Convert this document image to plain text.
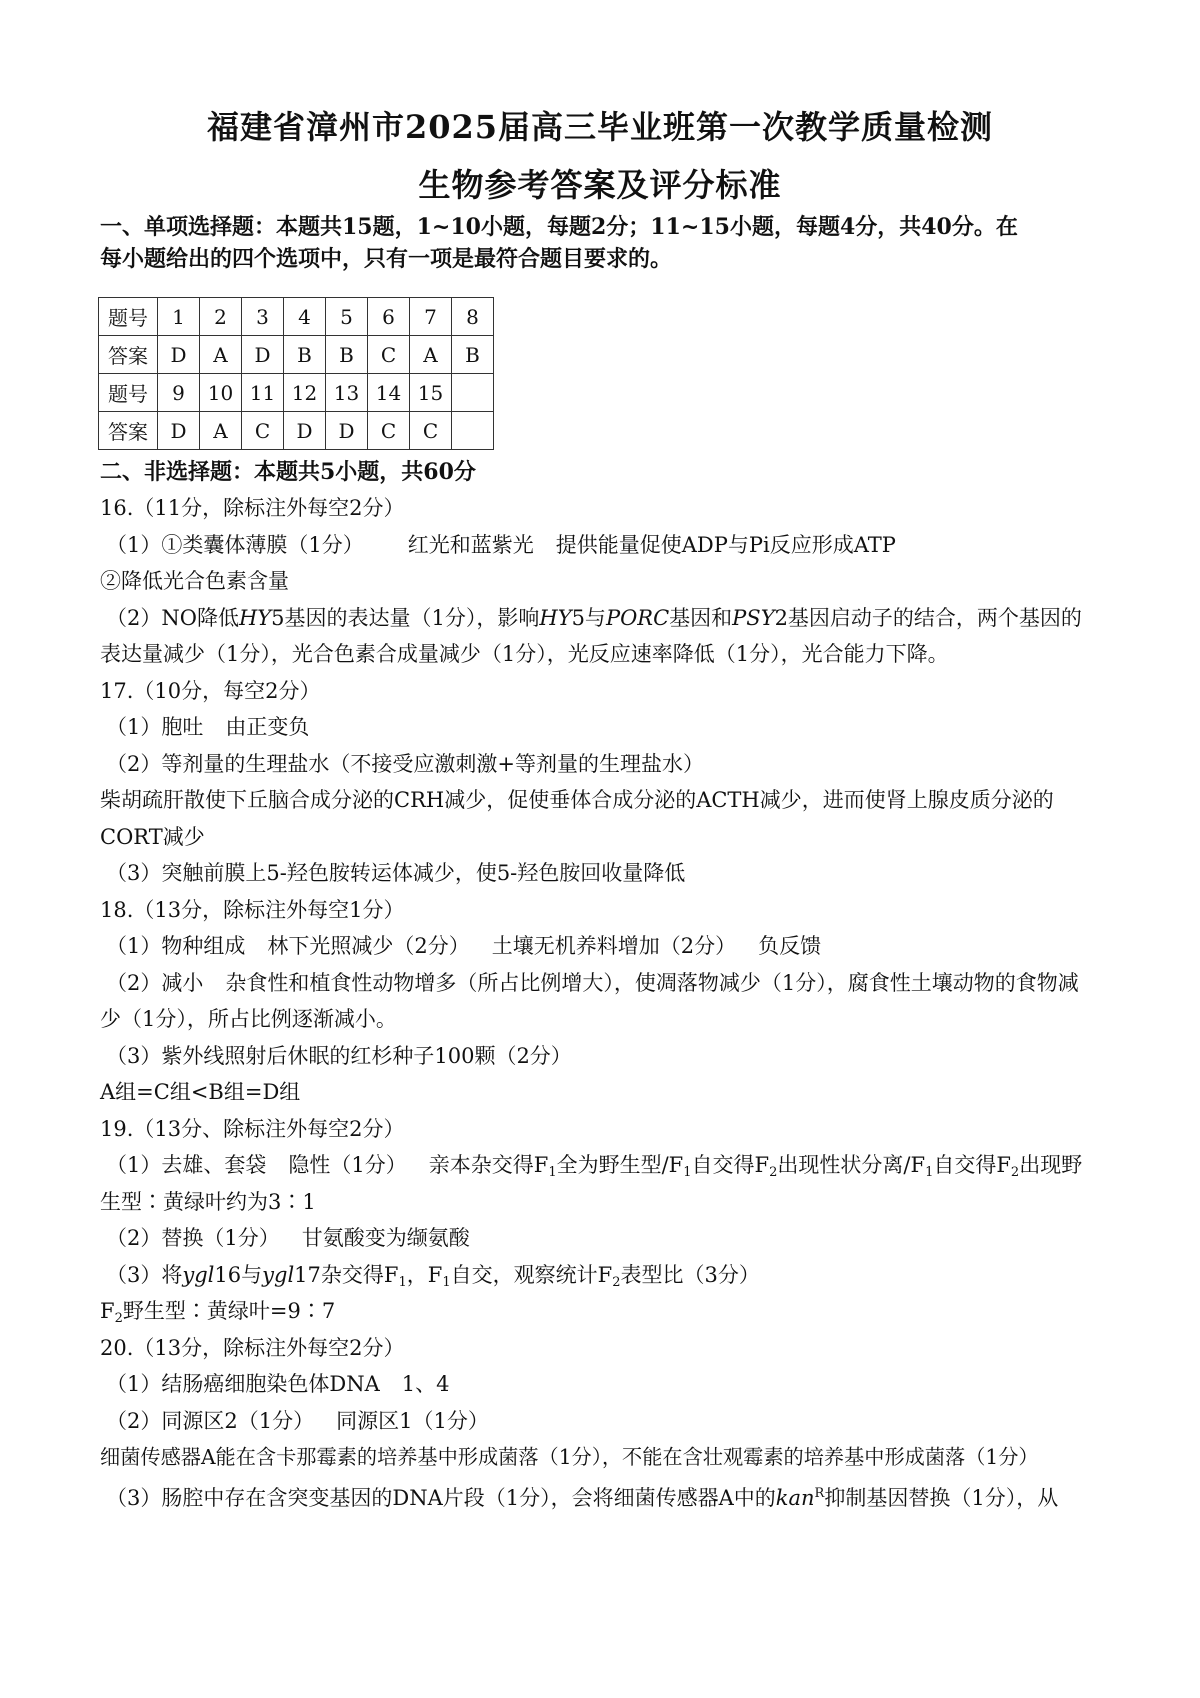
福建省漳州市2025届高三毕业班第一次教学质量检测
生物参考答案及评分标准
一、单项选择题：本题共15题，1~10小题，每题2分；11~15小题，每题4分，共40分。在
每小题给出的四个选项中，只有一项是最符合题目要求的。
题号	1	2	3	4	5	6	7	8
答案	D	A	D	B	B	C	A	B
题号	9	10	11	12	13	14	15	
答案	D	A	C	D	D	C	C	
二、非选择题：本题共5小题，共60分
16.（11分，除标注外每空2分）
（1）①类囊体薄膜（1分） 红光和蓝紫光 提供能量促使ADP与Pi反应形成ATP
②降低光合色素含量
（2）NO降低HY5基因的表达量（1分），影响HY5与PORC基因和PSY2基因启动子的结合，两个基因的
表达量减少（1分），光合色素合成量减少（1分），光反应速率降低（1分），光合能力下降。
17.（10分，每空2分）
（1）胞吐 由正变负
（2）等剂量的生理盐水（不接受应激刺激+等剂量的生理盐水）
柴胡疏肝散使下丘脑合成分泌的CRH减少，促使垂体合成分泌的ACTH减少，进而使肾上腺皮质分泌的
CORT减少
（3）突触前膜上5-羟色胺转运体减少，使5-羟色胺回收量降低
18.（13分，除标注外每空1分）
（1）物种组成 林下光照减少（2分） 土壤无机养料增加（2分） 负反馈
（2）减小 杂食性和植食性动物增多（所占比例增大），使凋落物减少（1分），腐食性土壤动物的食物减
少（1分），所占比例逐渐减小。
（3）紫外线照射后休眠的红杉种子100颗（2分）
A组=C组<B组=D组
19.（13分、除标注外每空2分）
（1）去雄、套袋 隐性（1分） 亲本杂交得$F_1$全为野生型$/F_1$自交得$F_2$出现性状分离$/F_1$自交得$F_2$出现野
生型∶黄绿叶约为3∶1
（2）替换（1分） 甘氨酸变为缬氨酸
（3）将ygl16与ygl17杂交得$F_1$，$F_1$自交，观察统计$F_2$表型比（3分）
$F_2$野生型∶黄绿叶=9∶7
20.（13分，除标注外每空2分）
（1）结肠癌细胞染色体DNA 1、4
（2）同源区2（1分） 同源区1（1分）
细菌传感器A能在含卡那霉素的培养基中形成菌落（1分），不能在含壮观霉素的培养基中形成菌落（1分）
（3）肠腔中存在含突变基因的DNA片段（1分），会将细菌传感器A中的kan$^R$抑制基因替换（1分），从
